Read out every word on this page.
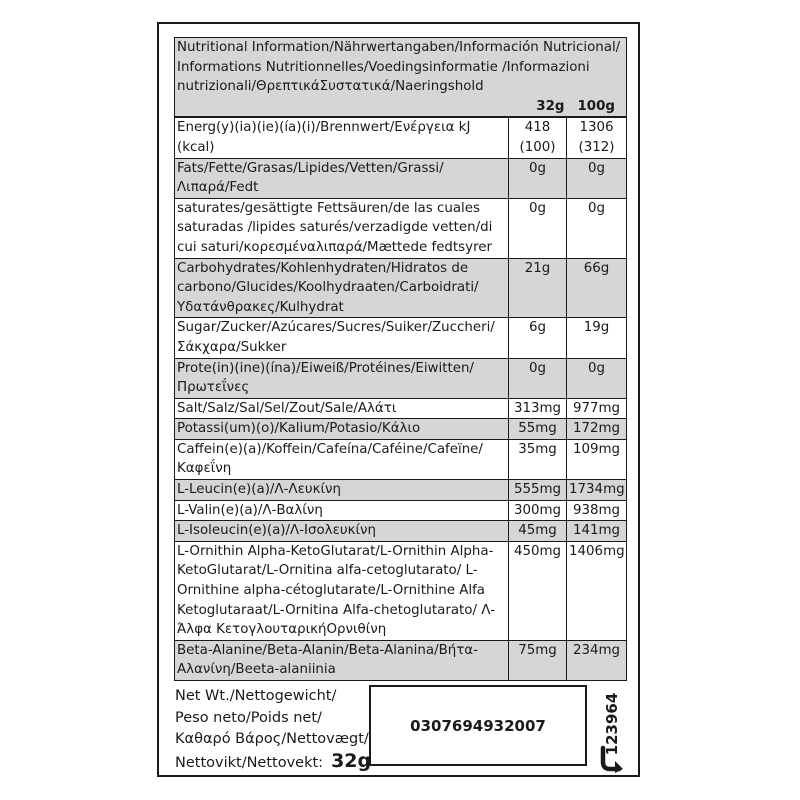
Nutritional Information/Nährwertangaben/Información Nutricional/ Informations Nutritionnelles/Voedingsinformatie /Informazioni nutrizionali/ΘρεπτικάΣυστατικά/Naeringshold		
	32g	100g
Energ(y)(ia)(ie)(ía)(i)/Brennwert/Ενέργεια kJ (kcal)	418 (100)	1306 (312)
Fats/Fette/Grasas/Lipides/Vetten/Grassi/ Λιπαρά/Fedt	0g	0g
saturates/gesättigte Fettsäuren/de las cuales saturadas /lipides saturés/verzadigde vetten/di cui saturi/κορεσμέναλιπαρά/Mættede fedtsyrer	0g	0g
Carbohydrates/Kohlenhydraten/Hidratos de carbono/Glucides/Koolhydraaten/Carboidrati/ Υδατάνθρακες/Kulhydrat	21g	66g
Sugar/Zucker/Azúcares/Sucres/Suiker/Zuccheri/ Σάκχαρα/Sukker	6g	19g
Prote(in)(ine)(ína)/Eiweiß/Protéines/Eiwitten/ Πρωτεΐνες	0g	0g
Salt/Salz/Sal/Sel/Zout/Sale/Αλάτι	313mg	977mg
Potassi(um)(o)/Kalium/Potasio/Κάλιο	55mg	172mg
Caffein(e)(a)/Koffein/Cafeína/Caféine/Cafeïne/ Καφεΐνη	35mg	109mg
L-Leucin(e)(a)/Λ-Λευκίνη	555mg	1734mg
L-Valin(e)(a)/Λ-Βαλίνη	300mg	938mg
L-Isoleucin(e)(a)/Λ-Ισολευκίνη	45mg	141mg
L-Ornithin Alpha-KetoGlutarat/L-Ornithin Alpha-KetoGlutarat/L-Ornitina alfa-cetoglutarato/ L-Ornithine alpha-cétoglutarate/L-Ornithine Alfa Ketoglutaraat/L-Ornitina Alfa-chetoglutarato/ Λ-Άλφα ΚετογλουταρικήΟρνιθίνη	450mg	1406mg
Beta-Alanine/Beta-Alanin/Beta-Alanina/Βήτα-Αλανίνη/Beeta-alaniinia	75mg	234mg
Net Wt./Nettogewicht/
Peso neto/Poids net/
Καθαρό Βάρος/Nettovægt/
Nettovikt/Nettovekt: 32g
0307694932007	123964
